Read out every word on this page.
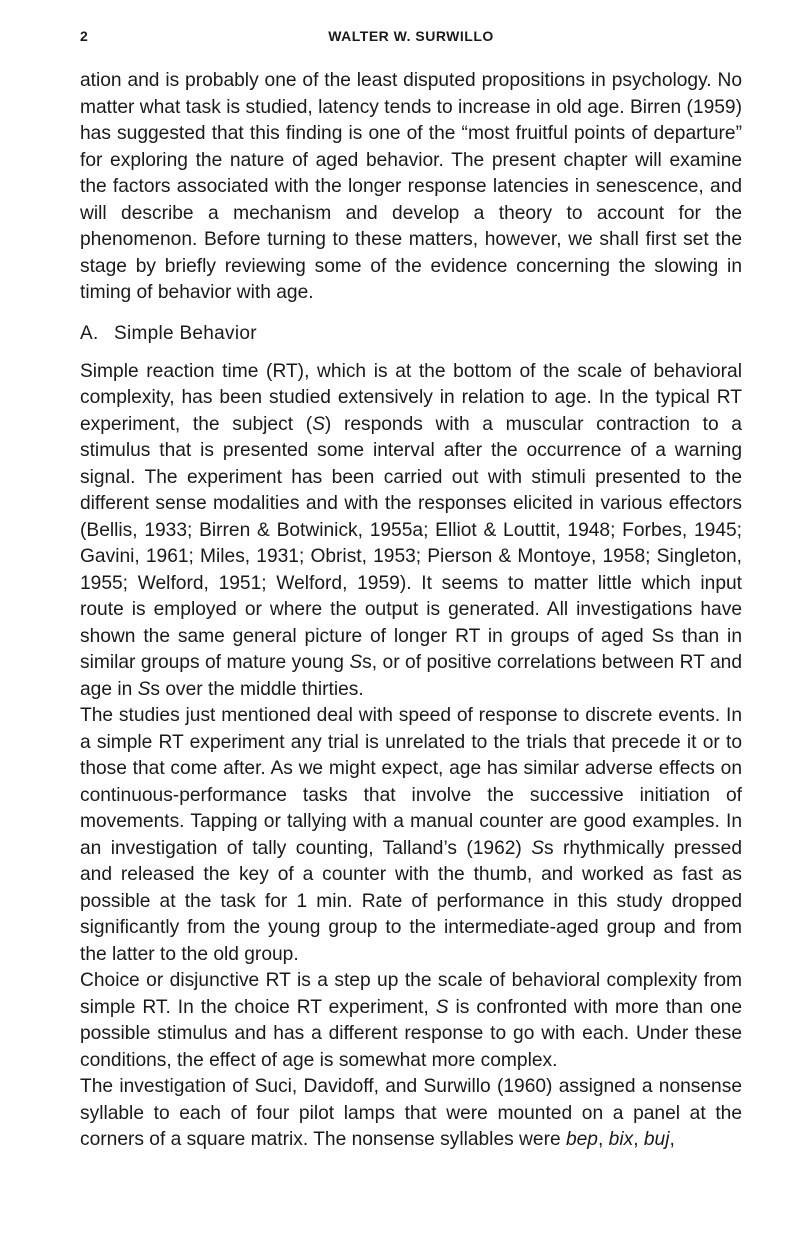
2	WALTER W. SURWILLO

ation and is probably one of the least disputed propositions in psychology. No matter what task is studied, latency tends to increase in old age. Birren (1959) has suggested that this finding is one of the “most fruitful points of departure” for exploring the nature of aged behavior. The present chapter will examine the factors associated with the longer response latencies in senescence, and will describe a mechanism and develop a theory to account for the phenomenon. Before turning to these matters, however, we shall first set the stage by briefly reviewing some of the evidence concerning the slowing in timing of behavior with age.

A. Simple Behavior

Simple reaction time (RT), which is at the bottom of the scale of behavioral complexity, has been studied extensively in relation to age. In the typical RT experiment, the subject (S) responds with a muscular contraction to a stimulus that is presented some interval after the occurrence of a warning signal. The experiment has been carried out with stimuli presented to the different sense modalities and with the responses elicited in various effectors (Bellis, 1933; Birren & Botwinick, 1955a; Elliot & Louttit, 1948; Forbes, 1945; Gavini, 1961; Miles, 1931; Obrist, 1953; Pierson & Montoye, 1958; Singleton, 1955; Welford, 1951; Welford, 1959). It seems to matter little which input route is employed or where the output is generated. All investigations have shown the same general picture of longer RT in groups of aged Ss than in similar groups of mature young Ss, or of positive correlations between RT and age in Ss over the middle thirties.

The studies just mentioned deal with speed of response to discrete events. In a simple RT experiment any trial is unrelated to the trials that precede it or to those that come after. As we might expect, age has similar adverse effects on continuous-performance tasks that involve the successive initiation of movements. Tapping or tallying with a manual counter are good examples. In an investigation of tally counting, Talland’s (1962) Ss rhythmically pressed and released the key of a counter with the thumb, and worked as fast as possible at the task for 1 min. Rate of performance in this study dropped significantly from the young group to the intermediate-aged group and from the latter to the old group.

Choice or disjunctive RT is a step up the scale of behavioral complexity from simple RT. In the choice RT experiment, S is confronted with more than one possible stimulus and has a different response to go with each. Under these conditions, the effect of age is somewhat more complex.

The investigation of Suci, Davidoff, and Surwillo (1960) assigned a nonsense syllable to each of four pilot lamps that were mounted on a panel at the corners of a square matrix. The nonsense syllables were bep, bix, buj,
